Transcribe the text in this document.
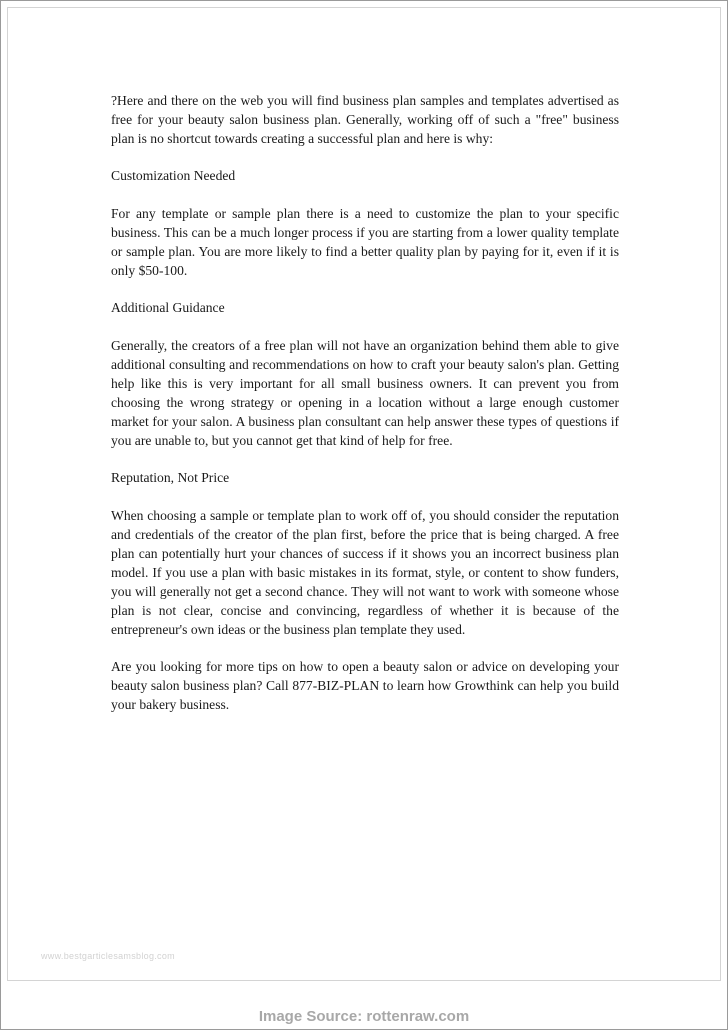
?Here and there on the web you will find business plan samples and templates advertised as free for your beauty salon business plan. Generally, working off of such a "free" business plan is no shortcut towards creating a successful plan and here is why:

Customization Needed

For any template or sample plan there is a need to customize the plan to your specific business. This can be a much longer process if you are starting from a lower quality template or sample plan. You are more likely to find a better quality plan by paying for it, even if it is only $50-100.

Additional Guidance

Generally, the creators of a free plan will not have an organization behind them able to give additional consulting and recommendations on how to craft your beauty salon's plan. Getting help like this is very important for all small business owners. It can prevent you from choosing the wrong strategy or opening in a location without a large enough customer market for your salon. A business plan consultant can help answer these types of questions if you are unable to, but you cannot get that kind of help for free.

Reputation, Not Price

When choosing a sample or template plan to work off of, you should consider the reputation and credentials of the creator of the plan first, before the price that is being charged. A free plan can potentially hurt your chances of success if it shows you an incorrect business plan model. If you use a plan with basic mistakes in its format, style, or content to show funders, you will generally not get a second chance. They will not want to work with someone whose plan is not clear, concise and convincing, regardless of whether it is because of the entrepreneur's own ideas or the business plan template they used.

Are you looking for more tips on how to open a beauty salon or advice on developing your beauty salon business plan? Call 877-BIZ-PLAN to learn how Growthink can help you build your bakery business.

www.bestgarticlesamsblog.com
Image Source: rottenraw.com
